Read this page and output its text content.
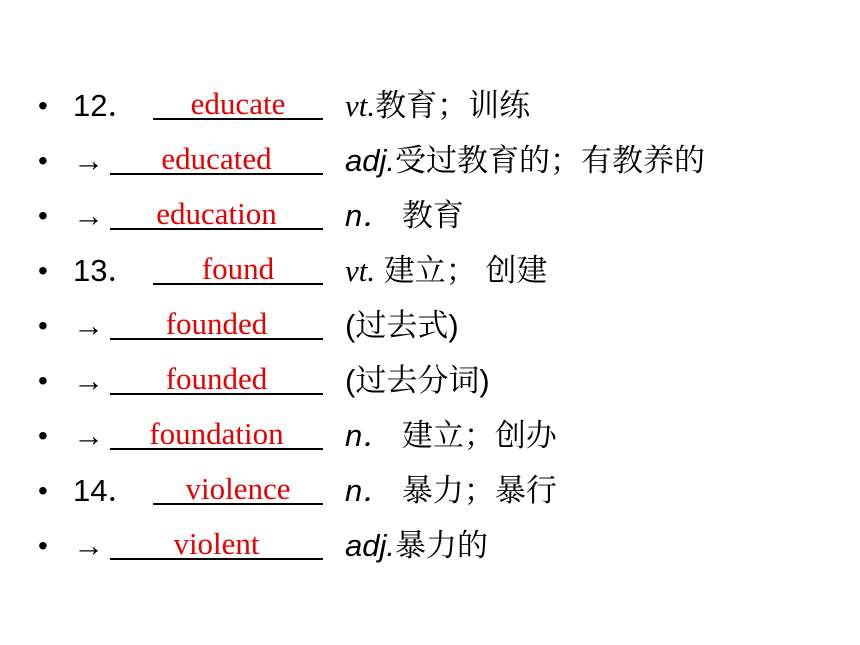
• 12．	educate	vt.教育；训练
• →	educated	adj.受过教育的；有教养的
• →	education	n． 教育
• 13．	found	vt. 建立； 创建
• →	founded	(过去式)
• →	founded	(过去分词)
• →	foundation	n． 建立；创办
• 14．	violence	n． 暴力；暴行
• →	violent	adj.暴力的
